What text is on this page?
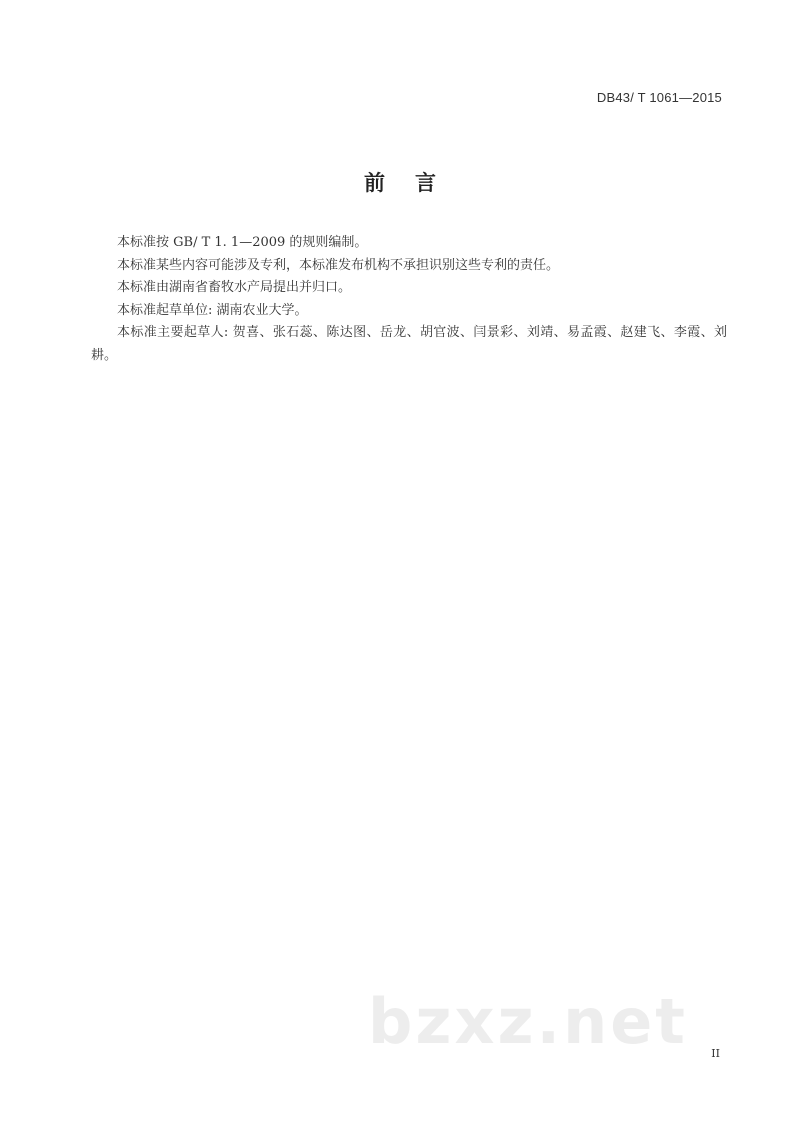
bzxz.net
DB43/ T 1061—2015
前言

本标准按 GB/ T 1. 1—2009 的规则编制。

本标准某些内容可能涉及专利，本标准发布机构不承担识别这些专利的责任。

本标准由湖南省畜牧水产局提出并归口。

本标准起草单位: 湖南农业大学。

本标准主要起草人: 贺喜、张石蕊、陈达图、岳龙、胡官波、闫景彩、刘靖、易孟霞、赵建飞、李霞、刘耕。

II
